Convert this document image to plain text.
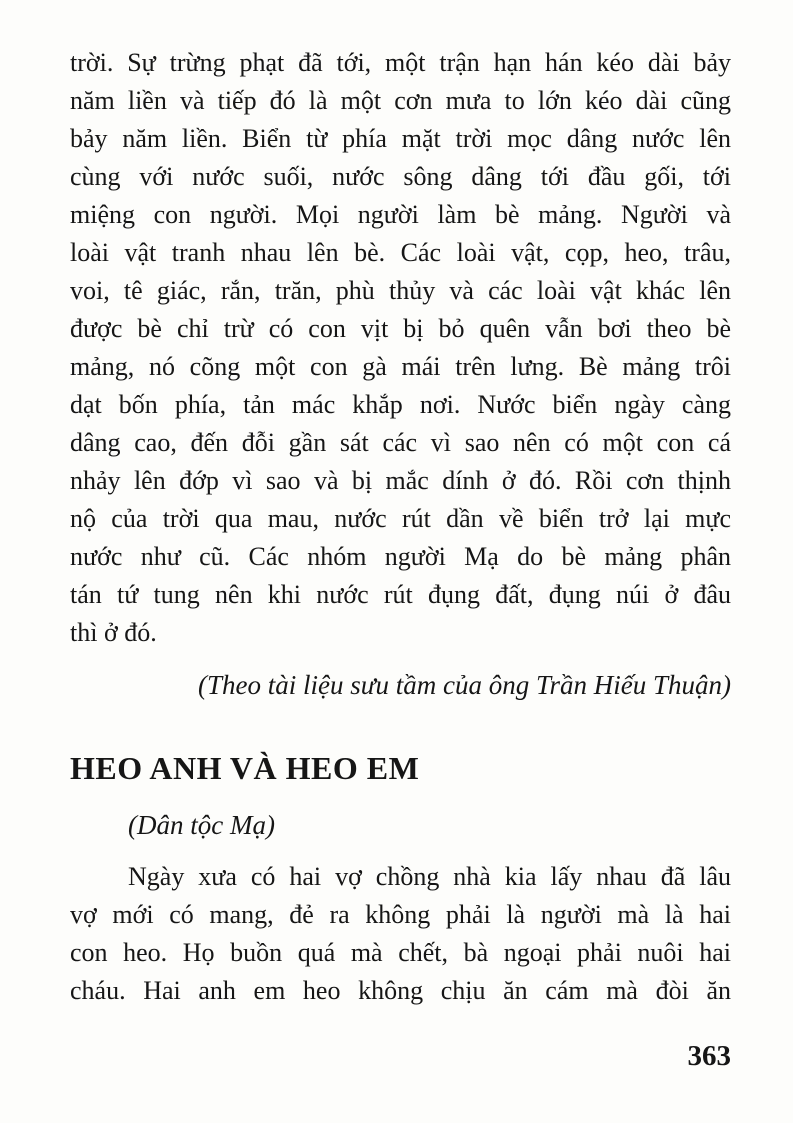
trời. Sự trừng phạt đã tới, một trận hạn hán kéo dài bảy
năm liền và tiếp đó là một cơn mưa to lớn kéo dài cũng
bảy năm liền. Biển từ phía mặt trời mọc dâng nước lên
cùng với nước suối, nước sông dâng tới đầu gối, tới
miệng con người. Mọi người làm bè mảng. Người và
loài vật tranh nhau lên bè. Các loài vật, cọp, heo, trâu,
voi, tê giác, rắn, trăn, phù thủy và các loài vật khác lên
được bè chỉ trừ có con vịt bị bỏ quên vẫn bơi theo bè
mảng, nó cõng một con gà mái trên lưng. Bè mảng trôi
dạt bốn phía, tản mác khắp nơi. Nước biển ngày càng
dâng cao, đến đỗi gần sát các vì sao nên có một con cá
nhảy lên đớp vì sao và bị mắc dính ở đó. Rồi cơn thịnh
nộ của trời qua mau, nước rút dần về biển trở lại mực
nước như cũ. Các nhóm người Mạ do bè mảng phân
tán tứ tung nên khi nước rút đụng đất, đụng núi ở đâu
thì ở đó.
(Theo tài liệu sưu tầm của ông Trần Hiếu Thuận)
HEO ANH VÀ HEO EM
(Dân tộc Mạ)
Ngày xưa có hai vợ chồng nhà kia lấy nhau đã lâu
vợ mới có mang, đẻ ra không phải là người mà là hai
con heo. Họ buồn quá mà chết, bà ngoại phải nuôi hai
cháu. Hai anh em heo không chịu ăn cám mà đòi ăn
363
